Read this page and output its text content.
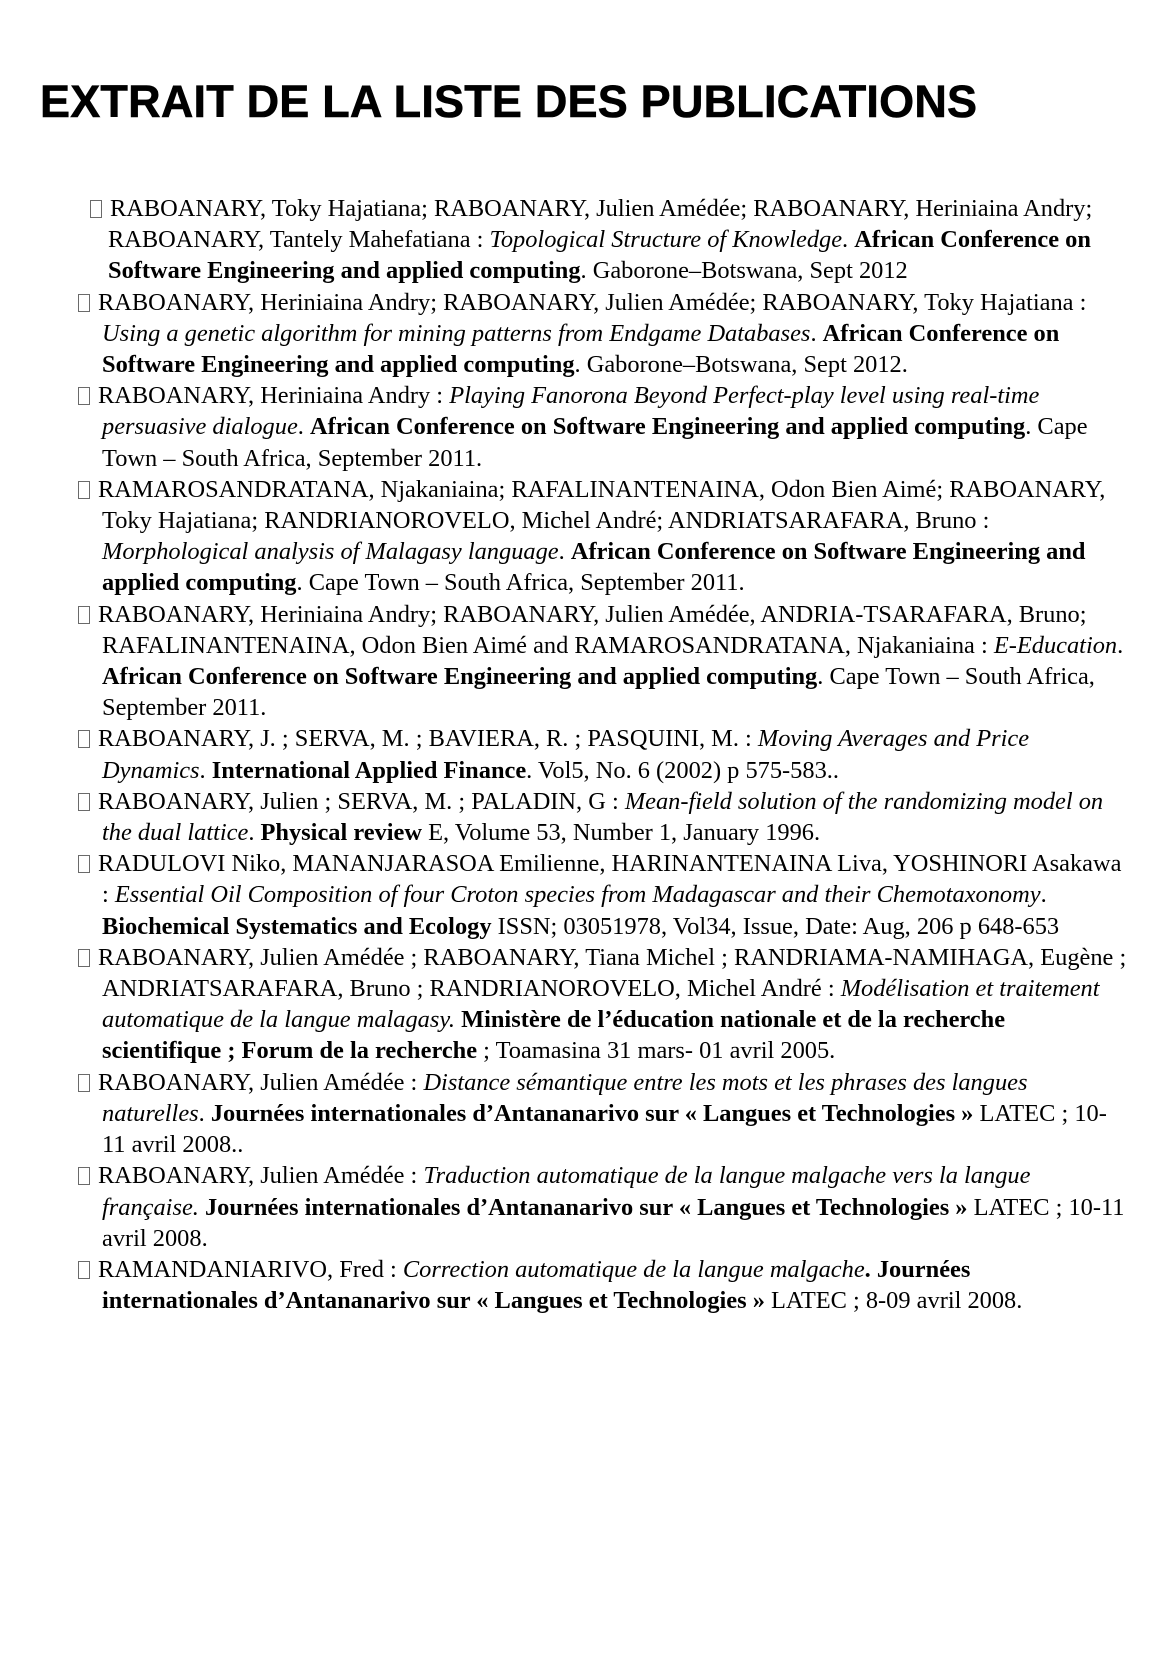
EXTRAIT DE LA LISTE DES PUBLICATIONS
RABOANARY, Toky Hajatiana; RABOANARY, Julien Amédée; RABOANARY, Heriniaina Andry; RABOANARY, Tantely Mahefatiana : Topological Structure of Knowledge. African Conference on Software Engineering and applied computing. Gaborone–Botswana, Sept 2012
RABOANARY, Heriniaina Andry; RABOANARY, Julien Amédée; RABOANARY, Toky Hajatiana : Using a genetic algorithm for mining patterns from Endgame Databases. African Conference on Software Engineering and applied computing. Gaborone–Botswana, Sept 2012.
RABOANARY, Heriniaina Andry : Playing Fanorona Beyond Perfect-play level using real-time persuasive dialogue. African Conference on Software Engineering and applied computing. Cape Town – South Africa, September 2011.
RAMAROSANDRATANA, Njakaniaina; RAFALINANTENAINA, Odon Bien Aimé; RABOANARY, Toky Hajatiana; RANDRIANOROVELO, Michel André; ANDRIATSARAFARA, Bruno : Morphological analysis of Malagasy language. African Conference on Software Engineering and applied computing. Cape Town – South Africa, September 2011.
RABOANARY, Heriniaina Andry; RABOANARY, Julien Amédée, ANDRIA-TSARAFARA, Bruno; RAFALINANTENAINA, Odon Bien Aimé and RAMAROSANDRATANA, Njakaniaina : E-Education. African Conference on Software Engineering and applied computing. Cape Town – South Africa, September 2011.
RABOANARY, J. ; SERVA, M. ; BAVIERA, R. ; PASQUINI, M. : Moving Averages and Price Dynamics. International Applied Finance. Vol5, No. 6 (2002) p 575-583..
RABOANARY, Julien ; SERVA, M. ; PALADIN, G : Mean-field solution of the randomizing model on the dual lattice. Physical review E, Volume 53, Number 1, January 1996.
RADULOVI Niko, MANANJARASOA Emilienne, HARINANTENAINA Liva, YOSHINORI Asakawa : Essential Oil Composition of four Croton species from Madagascar and their Chemotaxonomy. Biochemical Systematics and Ecology ISSN; 03051978, Vol34, Issue, Date: Aug, 206 p 648-653
RABOANARY, Julien Amédée ; RABOANARY, Tiana Michel ; RANDRIAMA-NAMIHAGA, Eugène ; ANDRIATSARAFARA, Bruno ; RANDRIANOROVELO, Michel André : Modélisation et traitement automatique de la langue malagasy. Ministère de l’éducation nationale et de la recherche scientifique ; Forum de la recherche ; Toamasina 31 mars- 01 avril 2005.
RABOANARY, Julien Amédée : Distance sémantique entre les mots et les phrases des langues naturelles. Journées internationales d’Antananarivo sur « Langues et Technologies » LATEC ; 10-11 avril 2008..
RABOANARY, Julien Amédée : Traduction automatique de la langue malgache vers la langue française. Journées internationales d’Antananarivo sur « Langues et Technologies » LATEC ; 10-11 avril 2008.
RAMANDANIARIVO, Fred : Correction automatique de la langue malgache. Journées internationales d’Antananarivo sur « Langues et Technologies » LATEC ; 8-09 avril 2008.
